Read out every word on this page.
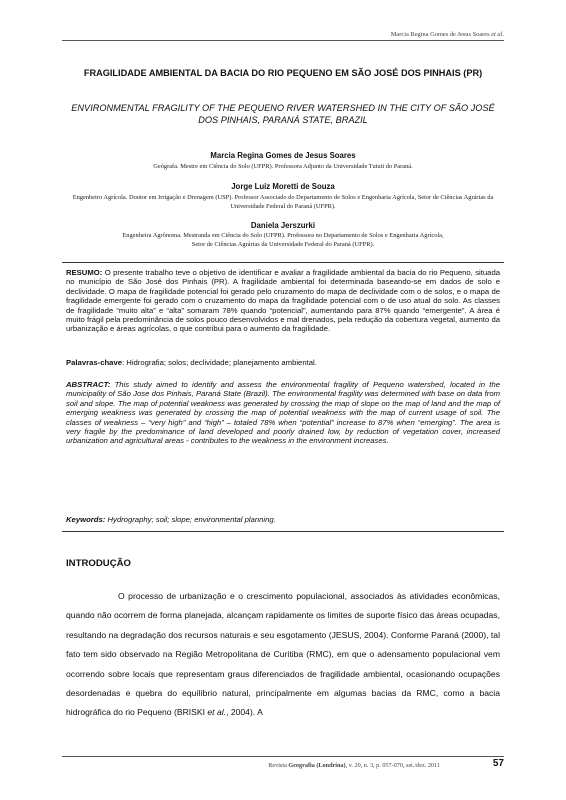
Marcia Regina Gomes de Jesus Soares et al.
FRAGILIDADE AMBIENTAL DA BACIA DO RIO PEQUENO EM SÃO JOSÉ DOS PINHAIS (PR)
ENVIRONMENTAL FRAGILITY OF THE PEQUENO RIVER WATERSHED IN THE CITY OF SÃO JOSÉ DOS PINHAIS, PARANÁ STATE, BRAZIL
Marcia Regina Gomes de Jesus Soares
Geógrafa. Mestre em Ciência do Solo (UFPR). Professora Adjunto da Universidade Tuiuti do Paraná.
Jorge Luiz Moretti de Souza
Engenheiro Agrícola. Doutor em Irrigação e Drenagem (USP). Professor Associado do Departamento de Solos e Engenharia Agrícola, Setor de Ciências Agrárias da Universidade Federal do Paraná (UFPR).
Daniela Jerszurki
Engenheira Agrônoma. Mestranda em Ciência do Solo (UFPR). Professora no Departamento de Solos e Engenharia Agrícola, Setor de Ciências Agrárias da Universidade Federal do Paraná (UFPR).
RESUMO: O presente trabalho teve o objetivo de identificar e avaliar a fragilidade ambiental da bacia do rio Pequeno, situada no município de São José dos Pinhais (PR). A fragilidade ambiental foi determinada baseando-se em dados de solo e declividade. O mapa de fragilidade potencial foi gerado pelo cruzamento do mapa de declividade com o de solos, e o mapa de fragilidade emergente foi gerado com o cruzamento do mapa da fragilidade potencial com o de uso atual do solo. As classes de fragilidade “muito alta” e “alta” somaram 78% quando “potencial”, aumentando para 87% quando “emergente”. A área é muito frágil pela predominância de solos pouco desenvolvidos e mal drenados, pela redução da cobertura vegetal, aumento da urbanização e áreas agrícolas, o que contribui para o aumento da fragilidade.
Palavras-chave: Hidrografia; solos; declividade; planejamento ambiental.
ABSTRACT: This study aimed to identify and assess the environmental fragility of Pequeno watershed, located in the municipality of São Jose dos Pinhais, Paraná State (Brazil). The environmental fragility was determined with base on data from soil and slope. The map of potential weakness was generated by crossing the map of slope on the map of land and the map of emerging weakness was generated by crossing the map of potential weakness with the map of current usage of soil. The classes of weakness – “very high” and “high” – totaled 78% when “potential” increase to 87% when “emerging”. The area is very fragile by the predominance of land developed and poorly drained low, by reduction of vegetation cover, increased urbanization and agricultural areas - contributes to the weakness in the environment increases.
Keywords: Hydrography; soil; slope; environmental planning.
INTRODUÇÃO
O processo de urbanização e o crescimento populacional, associados às atividades econômicas, quando não ocorrem de forma planejada, alcançam rapidamente os limites de suporte físico das áreas ocupadas, resultando na degradação dos recursos naturais e seu esgotamento (JESUS, 2004). Conforme Paraná (2000), tal fato tem sido observado na Região Metropolitana de Curitiba (RMC), em que o adensamento populacional vem ocorrendo sobre locais que representam graus diferenciados de fragilidade ambiental, ocasionando ocupações desordenadas e quebra do equilíbrio natural, principalmente em algumas bacias da RMC, como a bacia hidrográfica do rio Pequeno (BRISKI et al., 2004). A
Revista Geografia (Londrina), v. 20, n. 3, p. 057-070, set./dez. 2011	57
